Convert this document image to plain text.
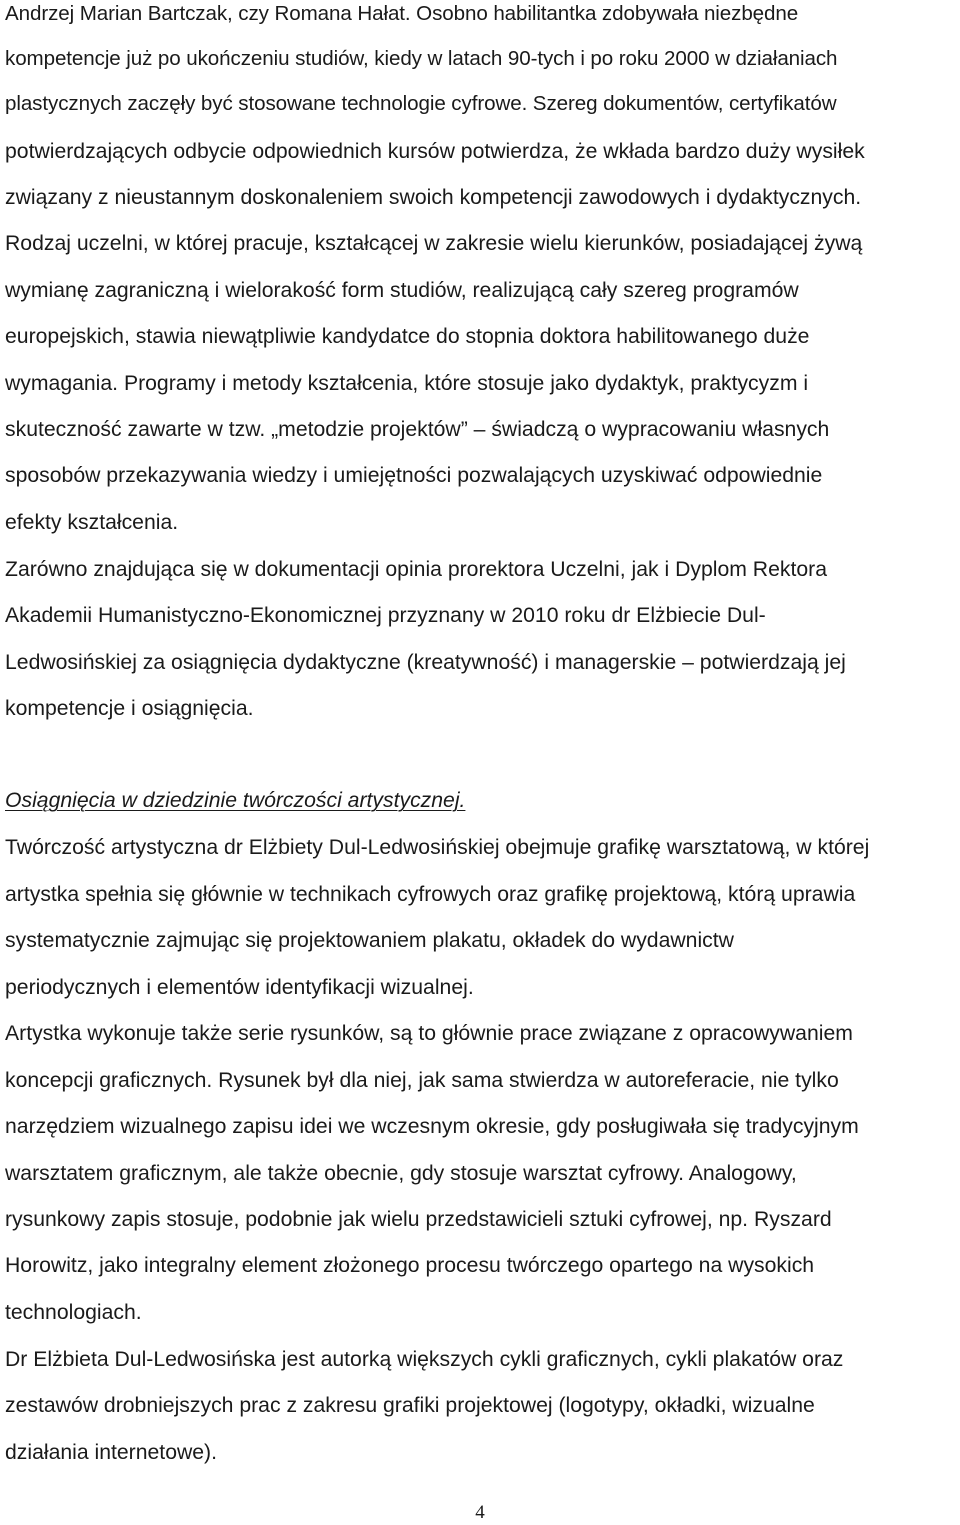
Andrzej Marian Bartczak, czy Romana Hałat. Osobno habilitantka zdobywała niezbędne
kompetencje już po ukończeniu studiów, kiedy w latach 90-tych i po roku 2000 w działaniach
plastycznych zaczęły być stosowane technologie cyfrowe. Szereg dokumentów, certyfikatów
potwierdzających odbycie odpowiednich kursów potwierdza, że wkłada bardzo duży wysiłek
związany z nieustannym doskonaleniem swoich kompetencji zawodowych i dydaktycznych.
Rodzaj uczelni, w której pracuje, kształcącej w zakresie wielu kierunków, posiadającej żywą
wymianę zagraniczną i wielorakość form studiów, realizującą cały szereg programów
europejskich, stawia niewątpliwie kandydatce do stopnia doktora habilitowanego duże
wymagania. Programy i metody kształcenia, które stosuje jako dydaktyk, praktycyzm i
skuteczność zawarte w tzw. „metodzie projektów” – świadczą o wypracowaniu własnych
sposobów przekazywania wiedzy i umiejętności pozwalających uzyskiwać odpowiednie
efekty kształcenia.
Zarówno znajdująca się w dokumentacji opinia prorektora Uczelni, jak i Dyplom Rektora
Akademii Humanistyczno-Ekonomicznej przyznany w 2010 roku dr Elżbiecie Dul-
Ledwosińskiej za osiągnięcia dydaktyczne (kreatywność) i managerskie – potwierdzają jej
kompetencje i osiągnięcia.
Osiągnięcia w dziedzinie twórczości artystycznej.
Twórczość artystyczna dr Elżbiety Dul-Ledwosińskiej obejmuje grafikę warsztatową, w której
artystka spełnia się głównie w technikach cyfrowych oraz grafikę projektową, którą uprawia
systematycznie zajmując się projektowaniem plakatu, okładek do wydawnictw
periodycznych i elementów identyfikacji wizualnej.
Artystka wykonuje także serie rysunków, są to głównie prace związane z opracowywaniem
koncepcji graficznych. Rysunek był dla niej, jak sama stwierdza w autoreferacie, nie tylko
narzędziem wizualnego zapisu idei we wczesnym okresie, gdy posługiwała się tradycyjnym
warsztatem graficznym, ale także obecnie, gdy stosuje warsztat cyfrowy. Analogowy,
rysunkowy zapis stosuje, podobnie jak wielu przedstawicieli sztuki cyfrowej, np. Ryszard
Horowitz, jako integralny element złożonego procesu twórczego opartego na wysokich
technologiach.
Dr Elżbieta Dul-Ledwosińska jest autorką większych cykli graficznych, cykli plakatów oraz
zestawów drobniejszych prac z zakresu grafiki projektowej (logotypy, okładki, wizualne
działania internetowe).
4
